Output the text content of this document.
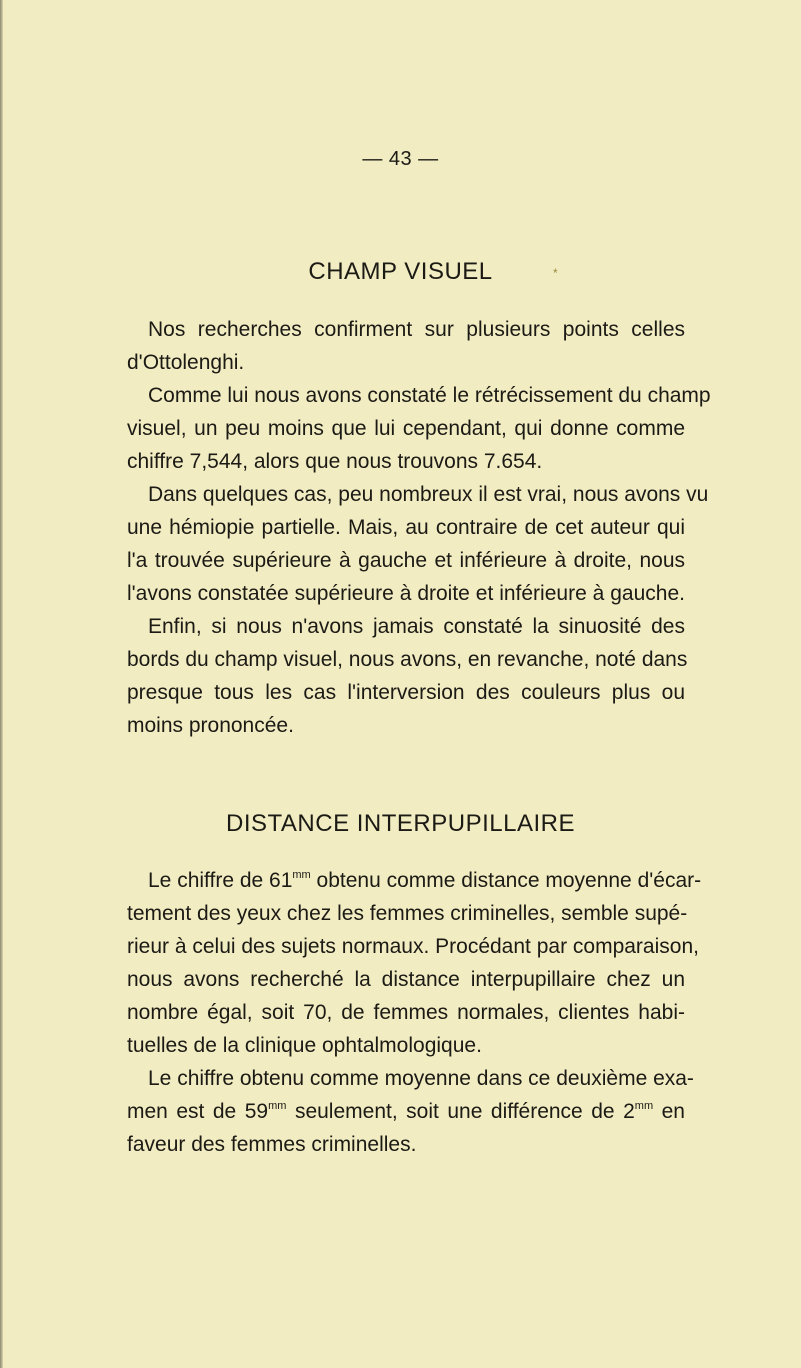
— 43 —
CHAMP VISUEL	*

Nos recherches confirment sur plusieurs points celles
d'Ottolenghi.

Comme lui nous avons constaté le rétrécissement du champ
visuel, un peu moins que lui cependant, qui donne comme
chiffre 7,544, alors que nous trouvons 7.654.

Dans quelques cas, peu nombreux il est vrai, nous avons vu
une hémiopie partielle. Mais, au contraire de cet auteur qui
l'a trouvée supérieure à gauche et inférieure à droite, nous
l'avons constatée supérieure à droite et inférieure à gauche.

Enfin, si nous n'avons jamais constaté la sinuosité des
bords du champ visuel, nous avons, en revanche, noté dans
presque tous les cas l'interversion des couleurs plus ou
moins prononcée.

DISTANCE INTERPUPILLAIRE

Le chiffre de $61^{mm}$ obtenu comme distance moyenne d'écar-
tement des yeux chez les femmes criminelles, semble supé-
rieur à celui des sujets normaux. Procédant par comparaison,
nous avons recherché la distance interpupillaire chez un
nombre égal, soit 70, de femmes normales, clientes habi-
tuelles de la clinique ophtalmologique.

Le chiffre obtenu comme moyenne dans ce deuxième exa-
men est de $59^{mm}$ seulement, soit une différence de $2^{mm}$ en
faveur des femmes criminelles.
